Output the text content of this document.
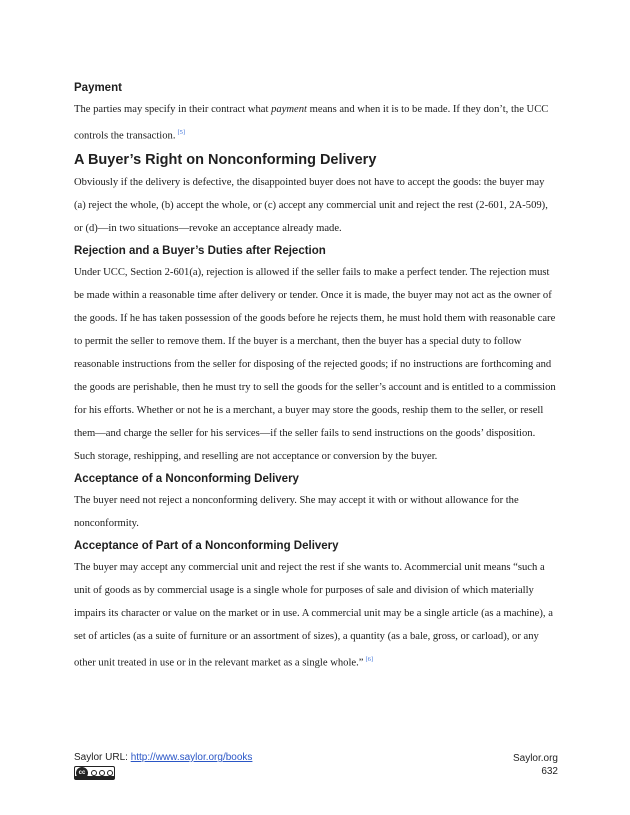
Payment

The parties may specify in their contract what payment means and when it is to be made. If they don’t, the UCC controls the transaction. [5]

A Buyer’s Right on Nonconforming Delivery

Obviously if the delivery is defective, the disappointed buyer does not have to accept the goods: the buyer may (a) reject the whole, (b) accept the whole, or (c) accept any commercial unit and reject the rest (2-601, 2A-509), or (d)—in two situations—revoke an acceptance already made.

Rejection and a Buyer’s Duties after Rejection

Under UCC, Section 2-601(a), rejection is allowed if the seller fails to make a perfect tender. The rejection must be made within a reasonable time after delivery or tender. Once it is made, the buyer may not act as the owner of the goods. If he has taken possession of the goods before he rejects them, he must hold them with reasonable care to permit the seller to remove them. If the buyer is a merchant, then the buyer has a special duty to follow reasonable instructions from the seller for disposing of the rejected goods; if no instructions are forthcoming and the goods are perishable, then he must try to sell the goods for the seller’s account and is entitled to a commission for his efforts. Whether or not he is a merchant, a buyer may store the goods, reship them to the seller, or resell them—and charge the seller for his services—if the seller fails to send instructions on the goods’ disposition. Such storage, reshipping, and reselling are not acceptance or conversion by the buyer.

Acceptance of a Nonconforming Delivery

The buyer need not reject a nonconforming delivery. She may accept it with or without allowance for the nonconformity.

Acceptance of Part of a Nonconforming Delivery

The buyer may accept any commercial unit and reject the rest if she wants to. Acommercial unit means “such a unit of goods as by commercial usage is a single whole for purposes of sale and division of which materially impairs its character or value on the market or in use. A commercial unit may be a single article (as a machine), a set of articles (as a suite of furniture or an assortment of sizes), a quantity (as a bale, gross, or carload), or any other unit treated in use or in the relevant market as a single whole.” [6]

Saylor URL: http://www.saylor.org/books
cc
Saylor.org
632
